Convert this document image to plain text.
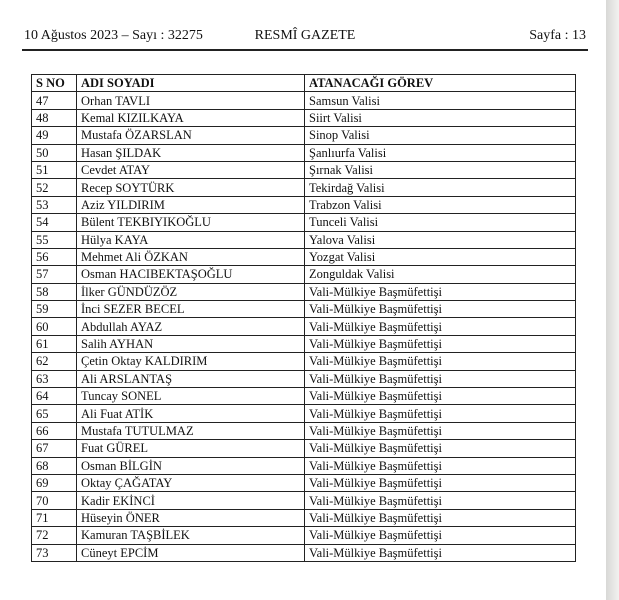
10 Ağustos 2023 – Sayı : 32275	RESMÎ GAZETE	Sayfa : 13
S NO	ADI SOYADI	ATANACAĞI GÖREV
47	Orhan TAVLI	Samsun Valisi
48	Kemal KIZILKAYA	Siirt Valisi
49	Mustafa ÖZARSLAN	Sinop Valisi
50	Hasan ŞILDAK	Şanlıurfa Valisi
51	Cevdet ATAY	Şırnak Valisi
52	Recep SOYTÜRK	Tekirdağ Valisi
53	Aziz YILDIRIM	Trabzon Valisi
54	Bülent TEKBIYIKOĞLU	Tunceli Valisi
55	Hülya KAYA	Yalova Valisi
56	Mehmet Ali ÖZKAN	Yozgat Valisi
57	Osman HACIBEKTAŞOĞLU	Zonguldak Valisi
58	İlker GÜNDÜZÖZ	Vali-Mülkiye Başmüfettişi
59	İnci SEZER BECEL	Vali-Mülkiye Başmüfettişi
60	Abdullah AYAZ	Vali-Mülkiye Başmüfettişi
61	Salih AYHAN	Vali-Mülkiye Başmüfettişi
62	Çetin Oktay KALDIRIM	Vali-Mülkiye Başmüfettişi
63	Ali ARSLANTAŞ	Vali-Mülkiye Başmüfettişi
64	Tuncay SONEL	Vali-Mülkiye Başmüfettişi
65	Ali Fuat ATİK	Vali-Mülkiye Başmüfettişi
66	Mustafa TUTULMAZ	Vali-Mülkiye Başmüfettişi
67	Fuat GÜREL	Vali-Mülkiye Başmüfettişi
68	Osman BİLGİN	Vali-Mülkiye Başmüfettişi
69	Oktay ÇAĞATAY	Vali-Mülkiye Başmüfettişi
70	Kadir EKİNCİ	Vali-Mülkiye Başmüfettişi
71	Hüseyin ÖNER	Vali-Mülkiye Başmüfettişi
72	Kamuran TAŞBİLEK	Vali-Mülkiye Başmüfettişi
73	Cüneyt EPCİM	Vali-Mülkiye Başmüfettişi
